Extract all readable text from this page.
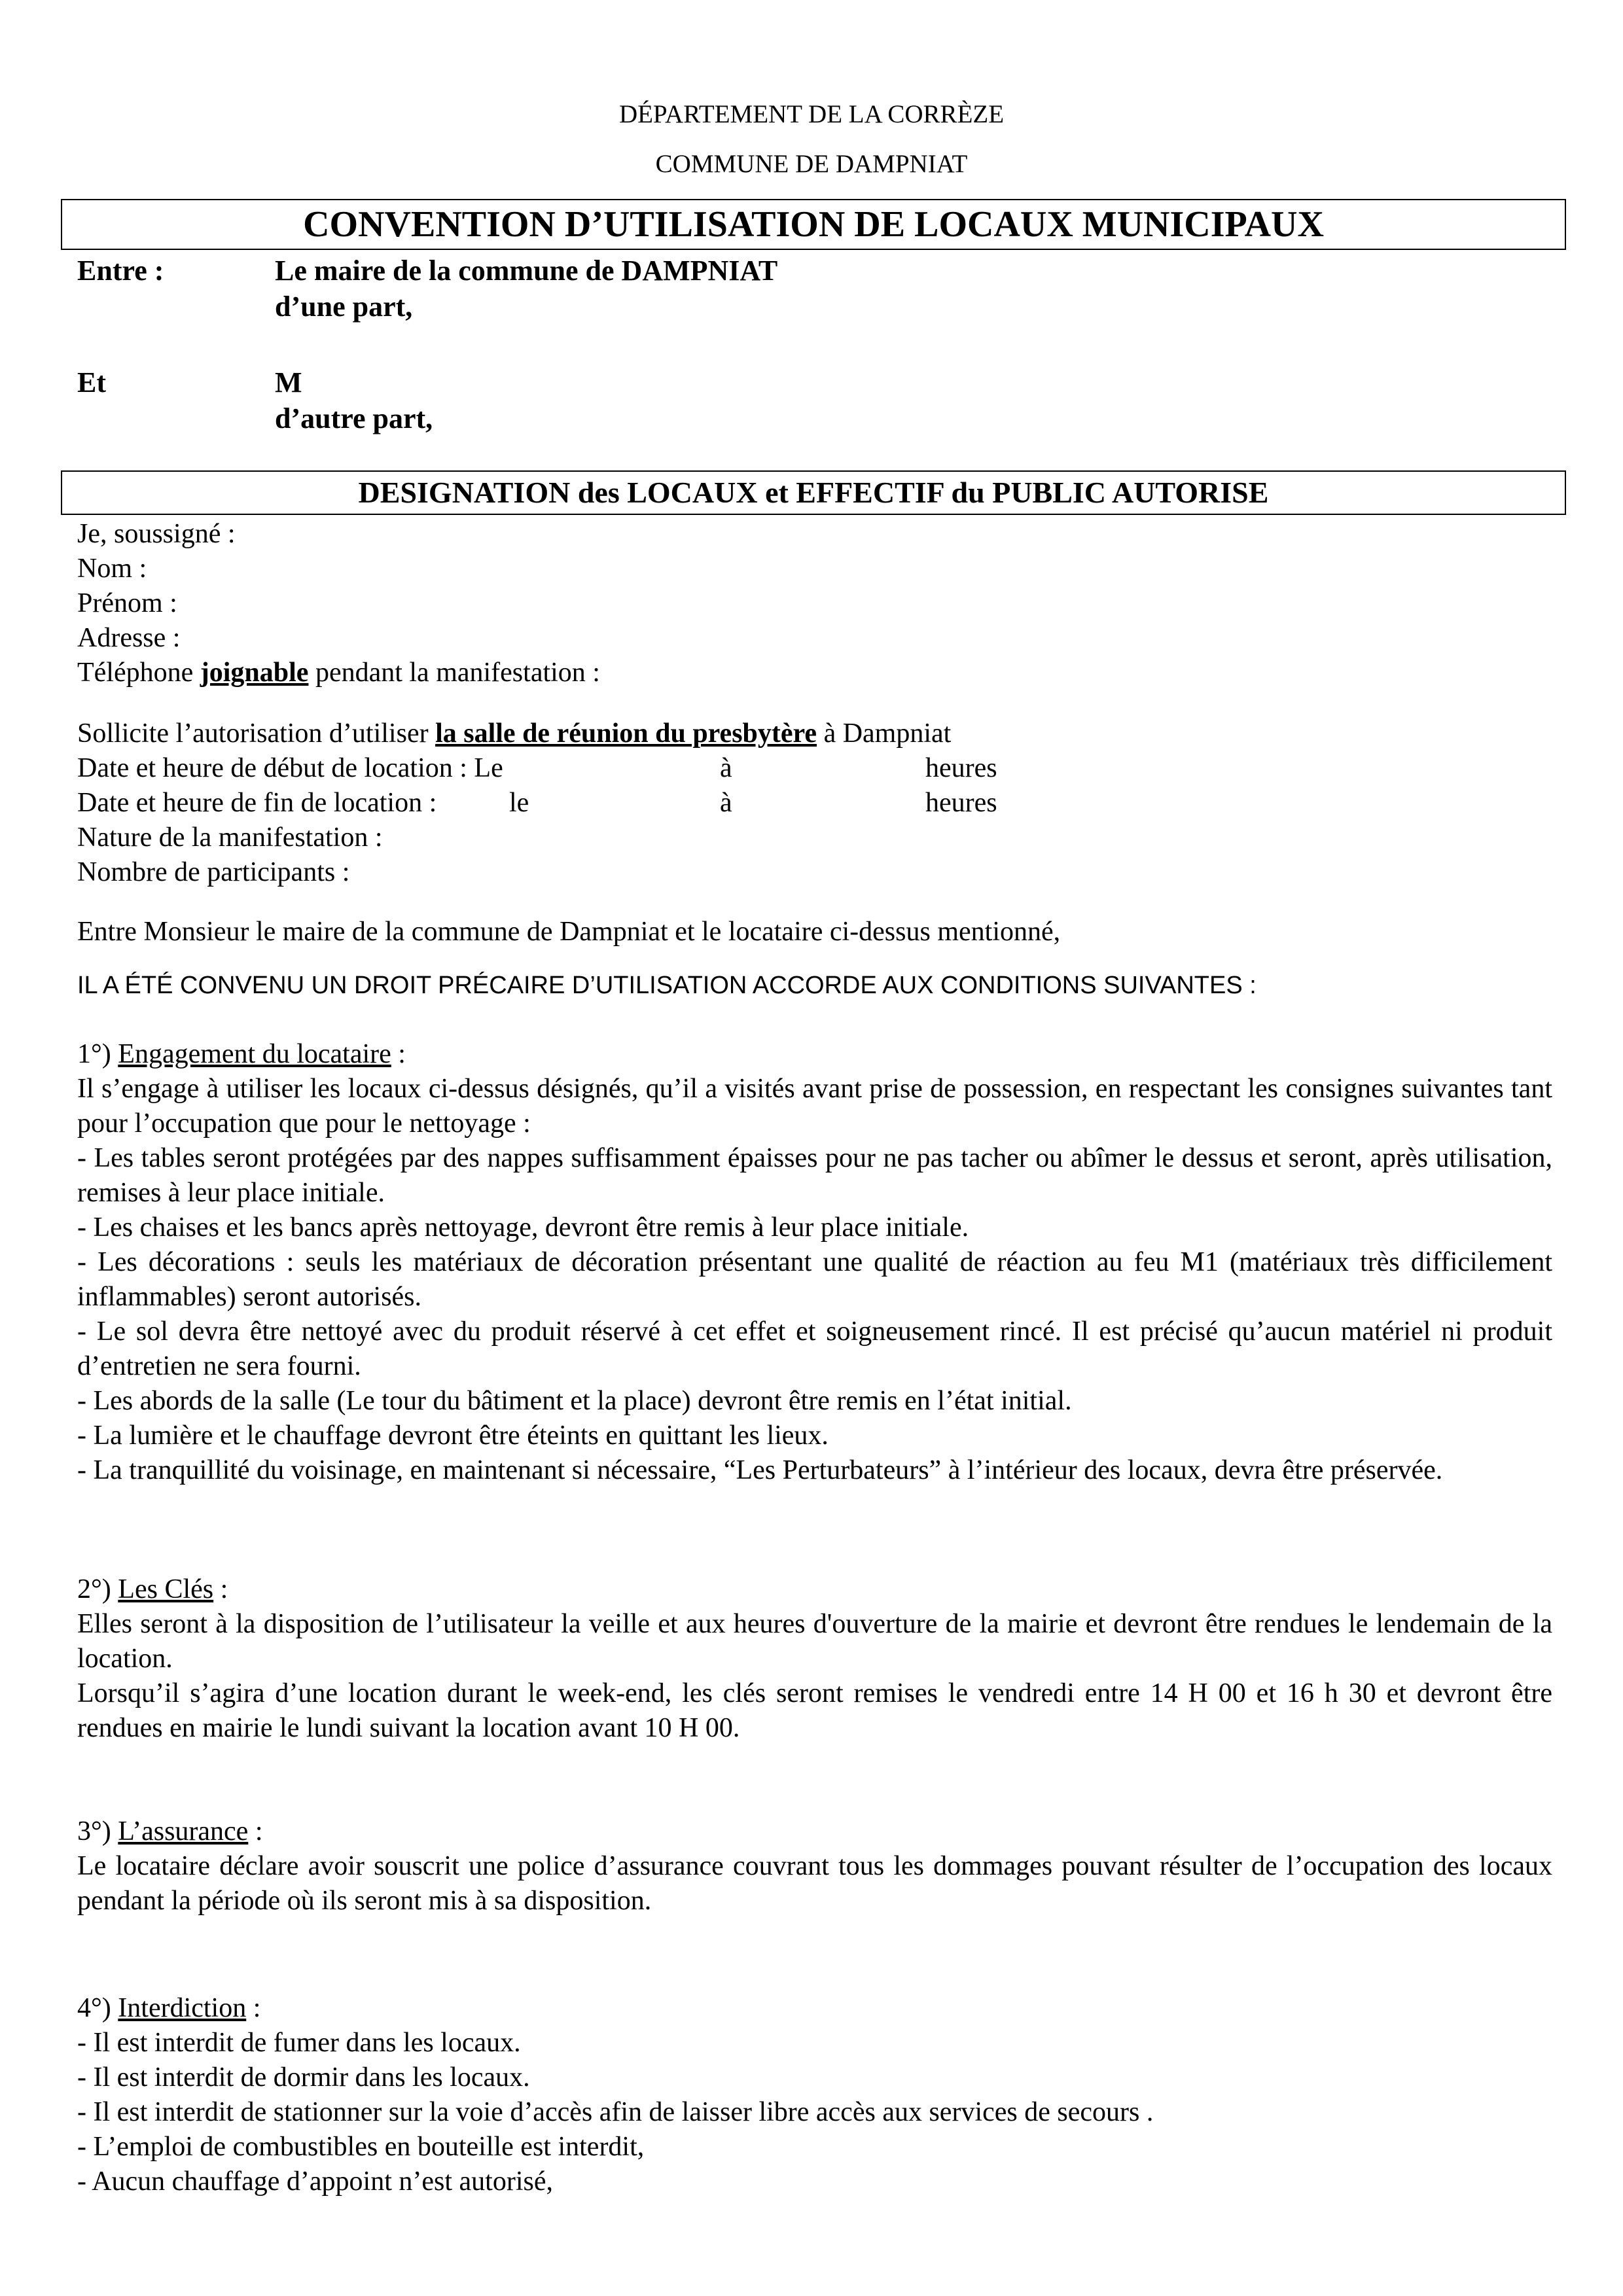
DÉPARTEMENT DE LA CORRÈZE
COMMUNE DE DAMPNIAT
CONVENTION D’UTILISATION DE LOCAUX MUNICIPAUX
Entre :	Le maire de la commune de DAMPNIAT
d’une part,
Et	M
d’autre part,
DESIGNATION des LOCAUX et EFFECTIF du PUBLIC AUTORISE
Je, soussigné :
Nom :
Prénom :
Adresse :
Téléphone joignable pendant la manifestation :
Sollicite l’autorisation d’utiliser la salle de réunion du presbytère à Dampniat
Date et heure de début de location : Le	à	heures
Date et heure de fin de location :	le	à	heures
Nature de la manifestation :
Nombre de participants :
Entre Monsieur le maire de la commune de Dampniat et le locataire ci-dessus mentionné,
IL A ÉTÉ CONVENU UN DROIT PRÉCAIRE D’UTILISATION ACCORDE AUX CONDITIONS SUIVANTES :
1°) Engagement du locataire :
Il s’engage à utiliser les locaux ci-dessus désignés, qu’il a visités avant prise de possession, en respectant les consignes suivantes tant pour l’occupation que pour le nettoyage :
- Les tables seront protégées par des nappes suffisamment épaisses pour ne pas tacher ou abîmer le dessus et seront, après utilisation, remises à leur place initiale.
- Les chaises et les bancs après nettoyage, devront être remis à leur place initiale.
- Les décorations : seuls les matériaux de décoration présentant une qualité de réaction au feu M1 (matériaux très difficilement inflammables) seront autorisés.
- Le sol devra être nettoyé avec du produit réservé à cet effet et soigneusement rincé. Il est précisé qu’aucun matériel ni produit d’entretien ne sera fourni.
- Les abords de la salle (Le tour du bâtiment et la place) devront être remis en l’état initial.
- La lumière et le chauffage devront être éteints en quittant les lieux.
- La tranquillité du voisinage, en maintenant si nécessaire, “Les Perturbateurs” à l’intérieur des locaux, devra être préservée.
2°) Les Clés :
Elles seront à la disposition de l’utilisateur la veille et aux heures d'ouverture de la mairie et devront être rendues le lendemain de la location.
Lorsqu’il s’agira d’une location durant le week-end, les clés seront remises le vendredi entre 14 H 00 et 16 h 30 et devront être rendues en mairie le lundi suivant la location avant 10 H 00.
3°) L’assurance :
Le locataire déclare avoir souscrit une police d’assurance couvrant tous les dommages pouvant résulter de l’occupation des locaux pendant la période où ils seront mis à sa disposition.
4°) Interdiction :
- Il est interdit de fumer dans les locaux.
- Il est interdit de dormir dans les locaux.
- Il est interdit de stationner sur la voie d’accès afin de laisser libre accès aux services de secours .
- L’emploi de combustibles en bouteille est interdit,
- Aucun chauffage d’appoint n’est autorisé,
